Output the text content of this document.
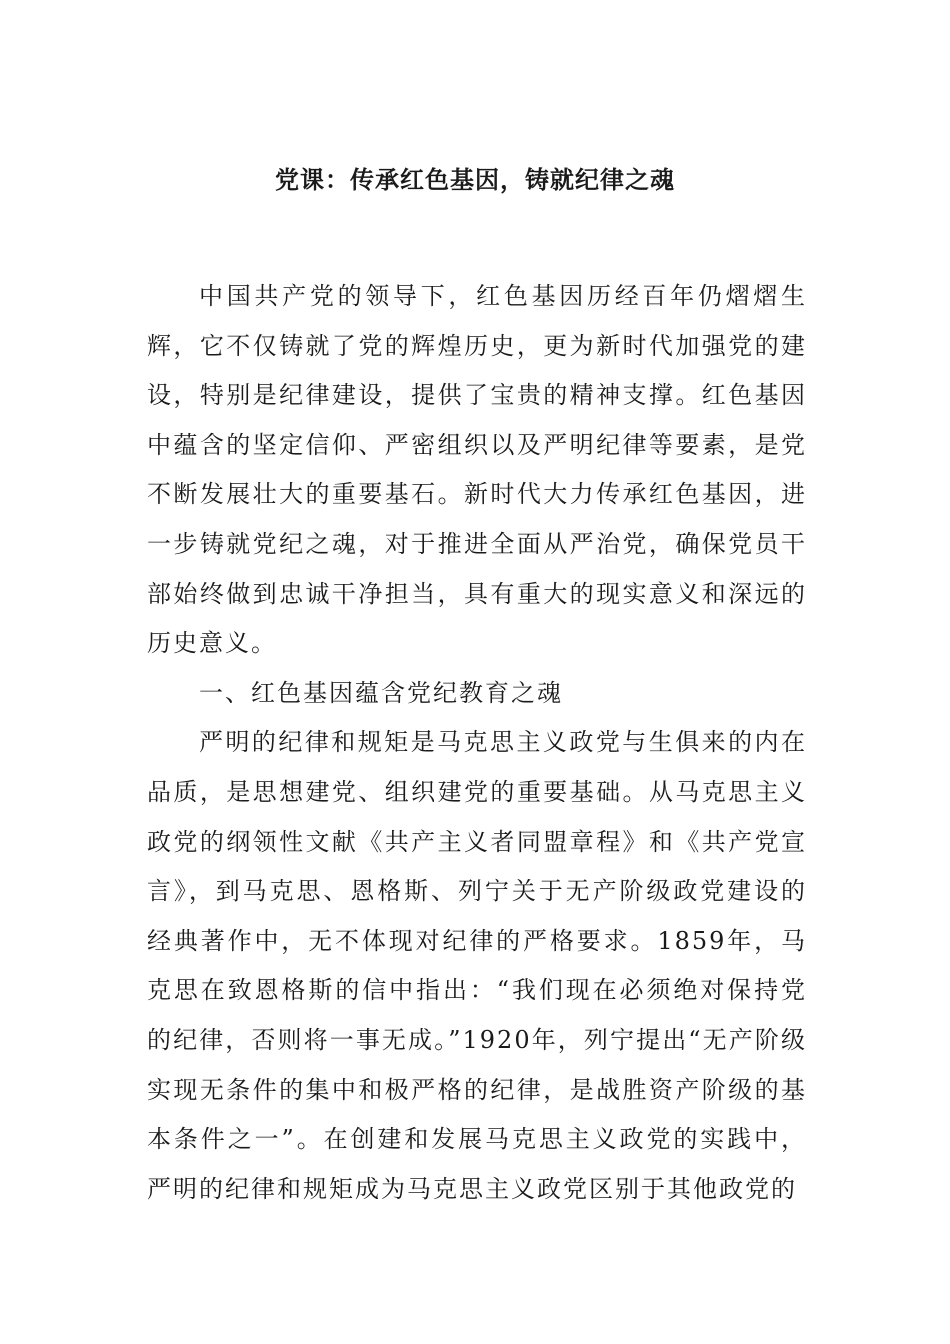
党课：传承红色基因，铸就纪律之魂

中国共产党的领导下，红色基因历经百年仍熠熠生辉，它不仅铸就了党的辉煌历史，更为新时代加强党的建设，特别是纪律建设，提供了宝贵的精神支撑。红色基因中蕴含的坚定信仰、严密组织以及严明纪律等要素，是党不断发展壮大的重要基石。新时代大力传承红色基因，进一步铸就党纪之魂，对于推进全面从严治党，确保党员干部始终做到忠诚干净担当，具有重大的现实意义和深远的历史意义。

一、红色基因蕴含党纪教育之魂

严明的纪律和规矩是马克思主义政党与生俱来的内在品质，是思想建党、组织建党的重要基础。从马克思主义政党的纲领性文献《共产主义者同盟章程》和《共产党宣言》，到马克思、恩格斯、列宁关于无产阶级政党建设的经典著作中，无不体现对纪律的严格要求。1859年，马克思在致恩格斯的信中指出：“我们现在必须绝对保持党的纪律，否则将一事无成。”1920年，列宁提出“无产阶级实现无条件的集中和极严格的纪律，是战胜资产阶级的基本条件之一”。在创建和发展马克思主义政党的实践中，严明的纪律和规矩成为马克思主义政党区别于其他政党的
